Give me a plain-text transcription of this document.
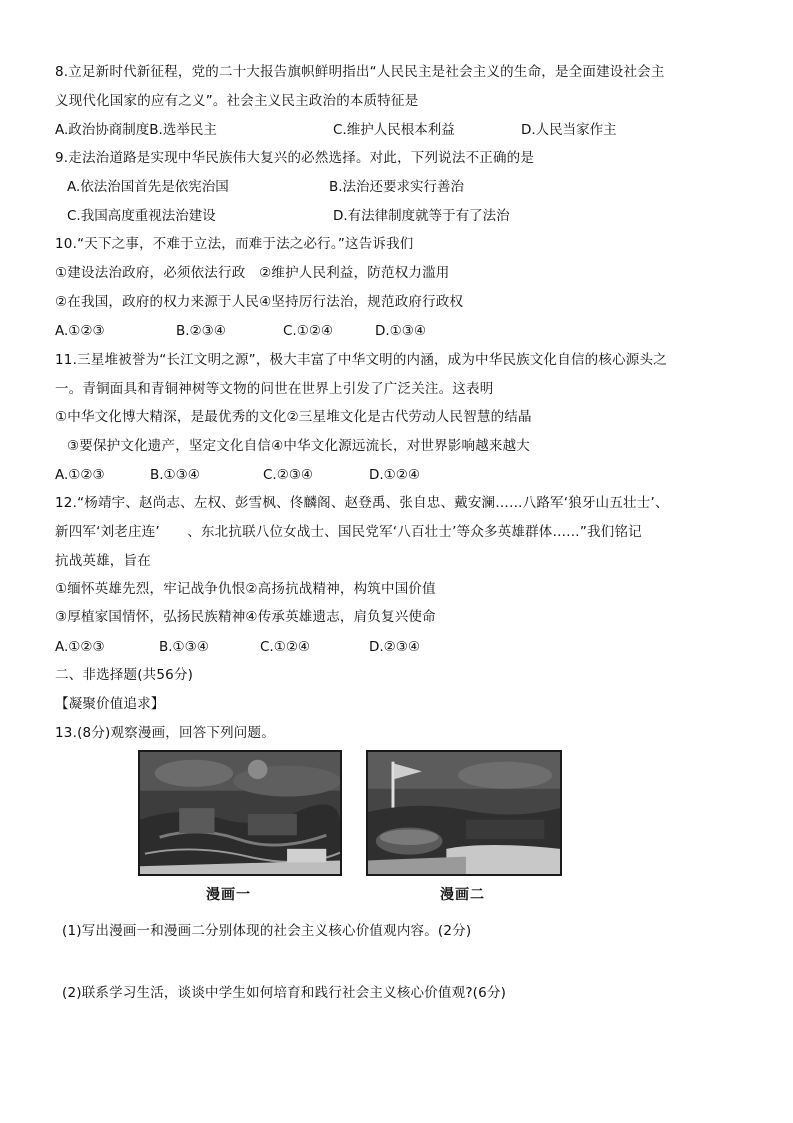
8.立足新时代新征程，党的二十大报告旗帜鲜明指出“人民民主是社会主义的生命，是全面建设社会主
义现代化国家的应有之义”。社会主义民主政治的本质特征是
A.政治协商制度B.选举民主	C.维护人民根本利益	D.人民当家作主
9.走法治道路是实现中华民族伟大复兴的必然选择。对此，下列说法不正确的是
A.依法治国首先是依宪治国	B.法治还要求实行善治
C.我国高度重视法治建设	D.有法律制度就等于有了法治
10.“天下之事，不难于立法，而难于法之必行。”这告诉我们
①建设法治政府，必须依法行政　②维护人民利益，防范权力滥用
②在我国，政府的权力来源于人民④坚持厉行法治，规范政府行政权
A.①②③	B.②③④	C.①②④	D.①③④
11.三星堆被誉为“长江文明之源”，极大丰富了中华文明的内涵，成为中华民族文化自信的核心源头之
一。青铜面具和青铜神树等文物的问世在世界上引发了广泛关注。这表明
①中华文化博大精深，是最优秀的文化②三星堆文化是古代劳动人民智慧的结晶
③要保护文化遗产，坚定文化自信④中华文化源远流长，对世界影响越来越大
A.①②③	B.①③④	C.②③④	D.①②④
12.“杨靖宇、赵尚志、左权、彭雪枫、佟麟阁、赵登禹、张自忠、戴安澜……八路军‘狼牙山五壮士’、
新四军‘刘老庄连’　　、东北抗联八位女战士、国民党军‘八百壮士’等众多英雄群体……”我们铭记
抗战英雄，旨在
①缅怀英雄先烈，牢记战争仇恨②高扬抗战精神，构筑中国价值
③厚植家国情怀，弘扬民族精神④传承英雄遗志，肩负复兴使命
A.①②③	B.①③④	C.①②④	D.②③④
二、非选择题(共56分)
【凝聚价值追求】
13.(8分)观察漫画，回答下列问题。
漫画一	漫画二
(1)写出漫画一和漫画二分别体现的社会主义核心价值观内容。(2分)
(2)联系学习生活，谈谈中学生如何培育和践行社会主义核心价值观?(6分)
